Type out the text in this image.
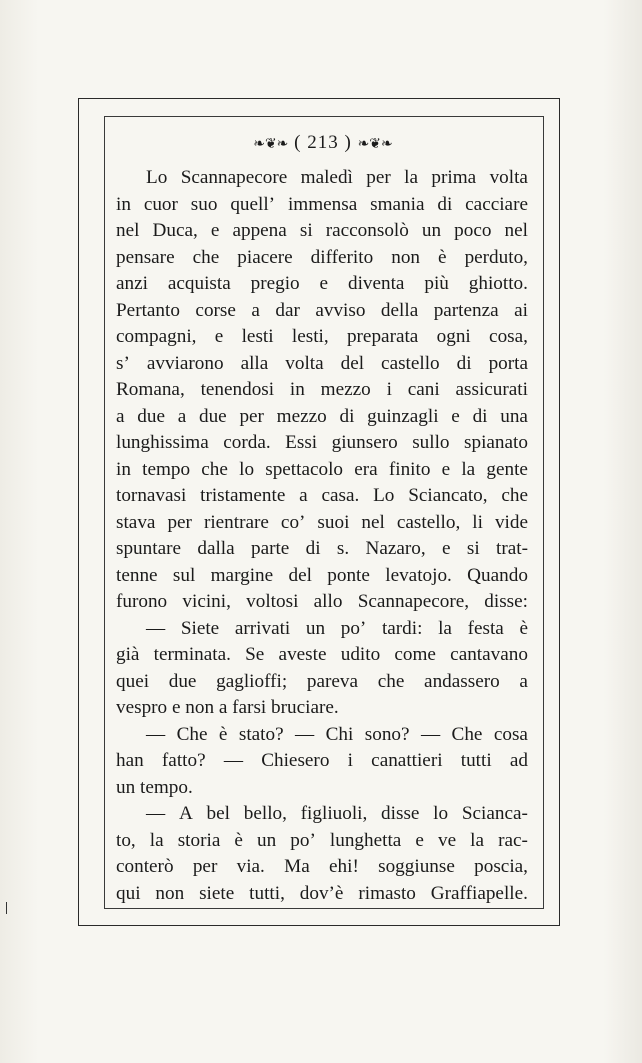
❧❦❧ ( 213 ) ❧❦❧
Lo Scannapecore maledì per la prima volta
in cuor suo quell’ immensa smania di cacciare
nel Duca, e appena si racconsolò un poco nel
pensare che piacere differito non è perduto,
anzi acquista pregio e diventa più ghiotto.
Pertanto corse a dar avviso della partenza ai
compagni, e lesti lesti, preparata ogni cosa,
s’ avviarono alla volta del castello di porta
Romana, tenendosi in mezzo i cani assicurati
a due a due per mezzo di guinzagli e di una
lunghissima corda. Essi giunsero sullo spianato
in tempo che lo spettacolo era finito e la gente
tornavasi tristamente a casa. Lo Sciancato, che
stava per rientrare co’ suoi nel castello, li vide
spuntare dalla parte di s. Nazaro, e si trat-
tenne sul margine del ponte levatojo. Quando
furono vicini, voltosi allo Scannapecore, disse:
— Siete arrivati un po’ tardi: la festa è
già terminata. Se aveste udito come cantavano
quei due gaglioffi; pareva che andassero a
vespro e non a farsi bruciare.
— Che è stato? — Chi sono? — Che cosa
han fatto? — Chiesero i canattieri tutti ad
un tempo.
— A bel bello, figliuoli, disse lo Scianca-
to, la storia è un po’ lunghetta e ve la rac-
conterò per via. Ma ehi! soggiunse poscia,
qui non siete tutti, dov’è rimasto Graffiapelle.
